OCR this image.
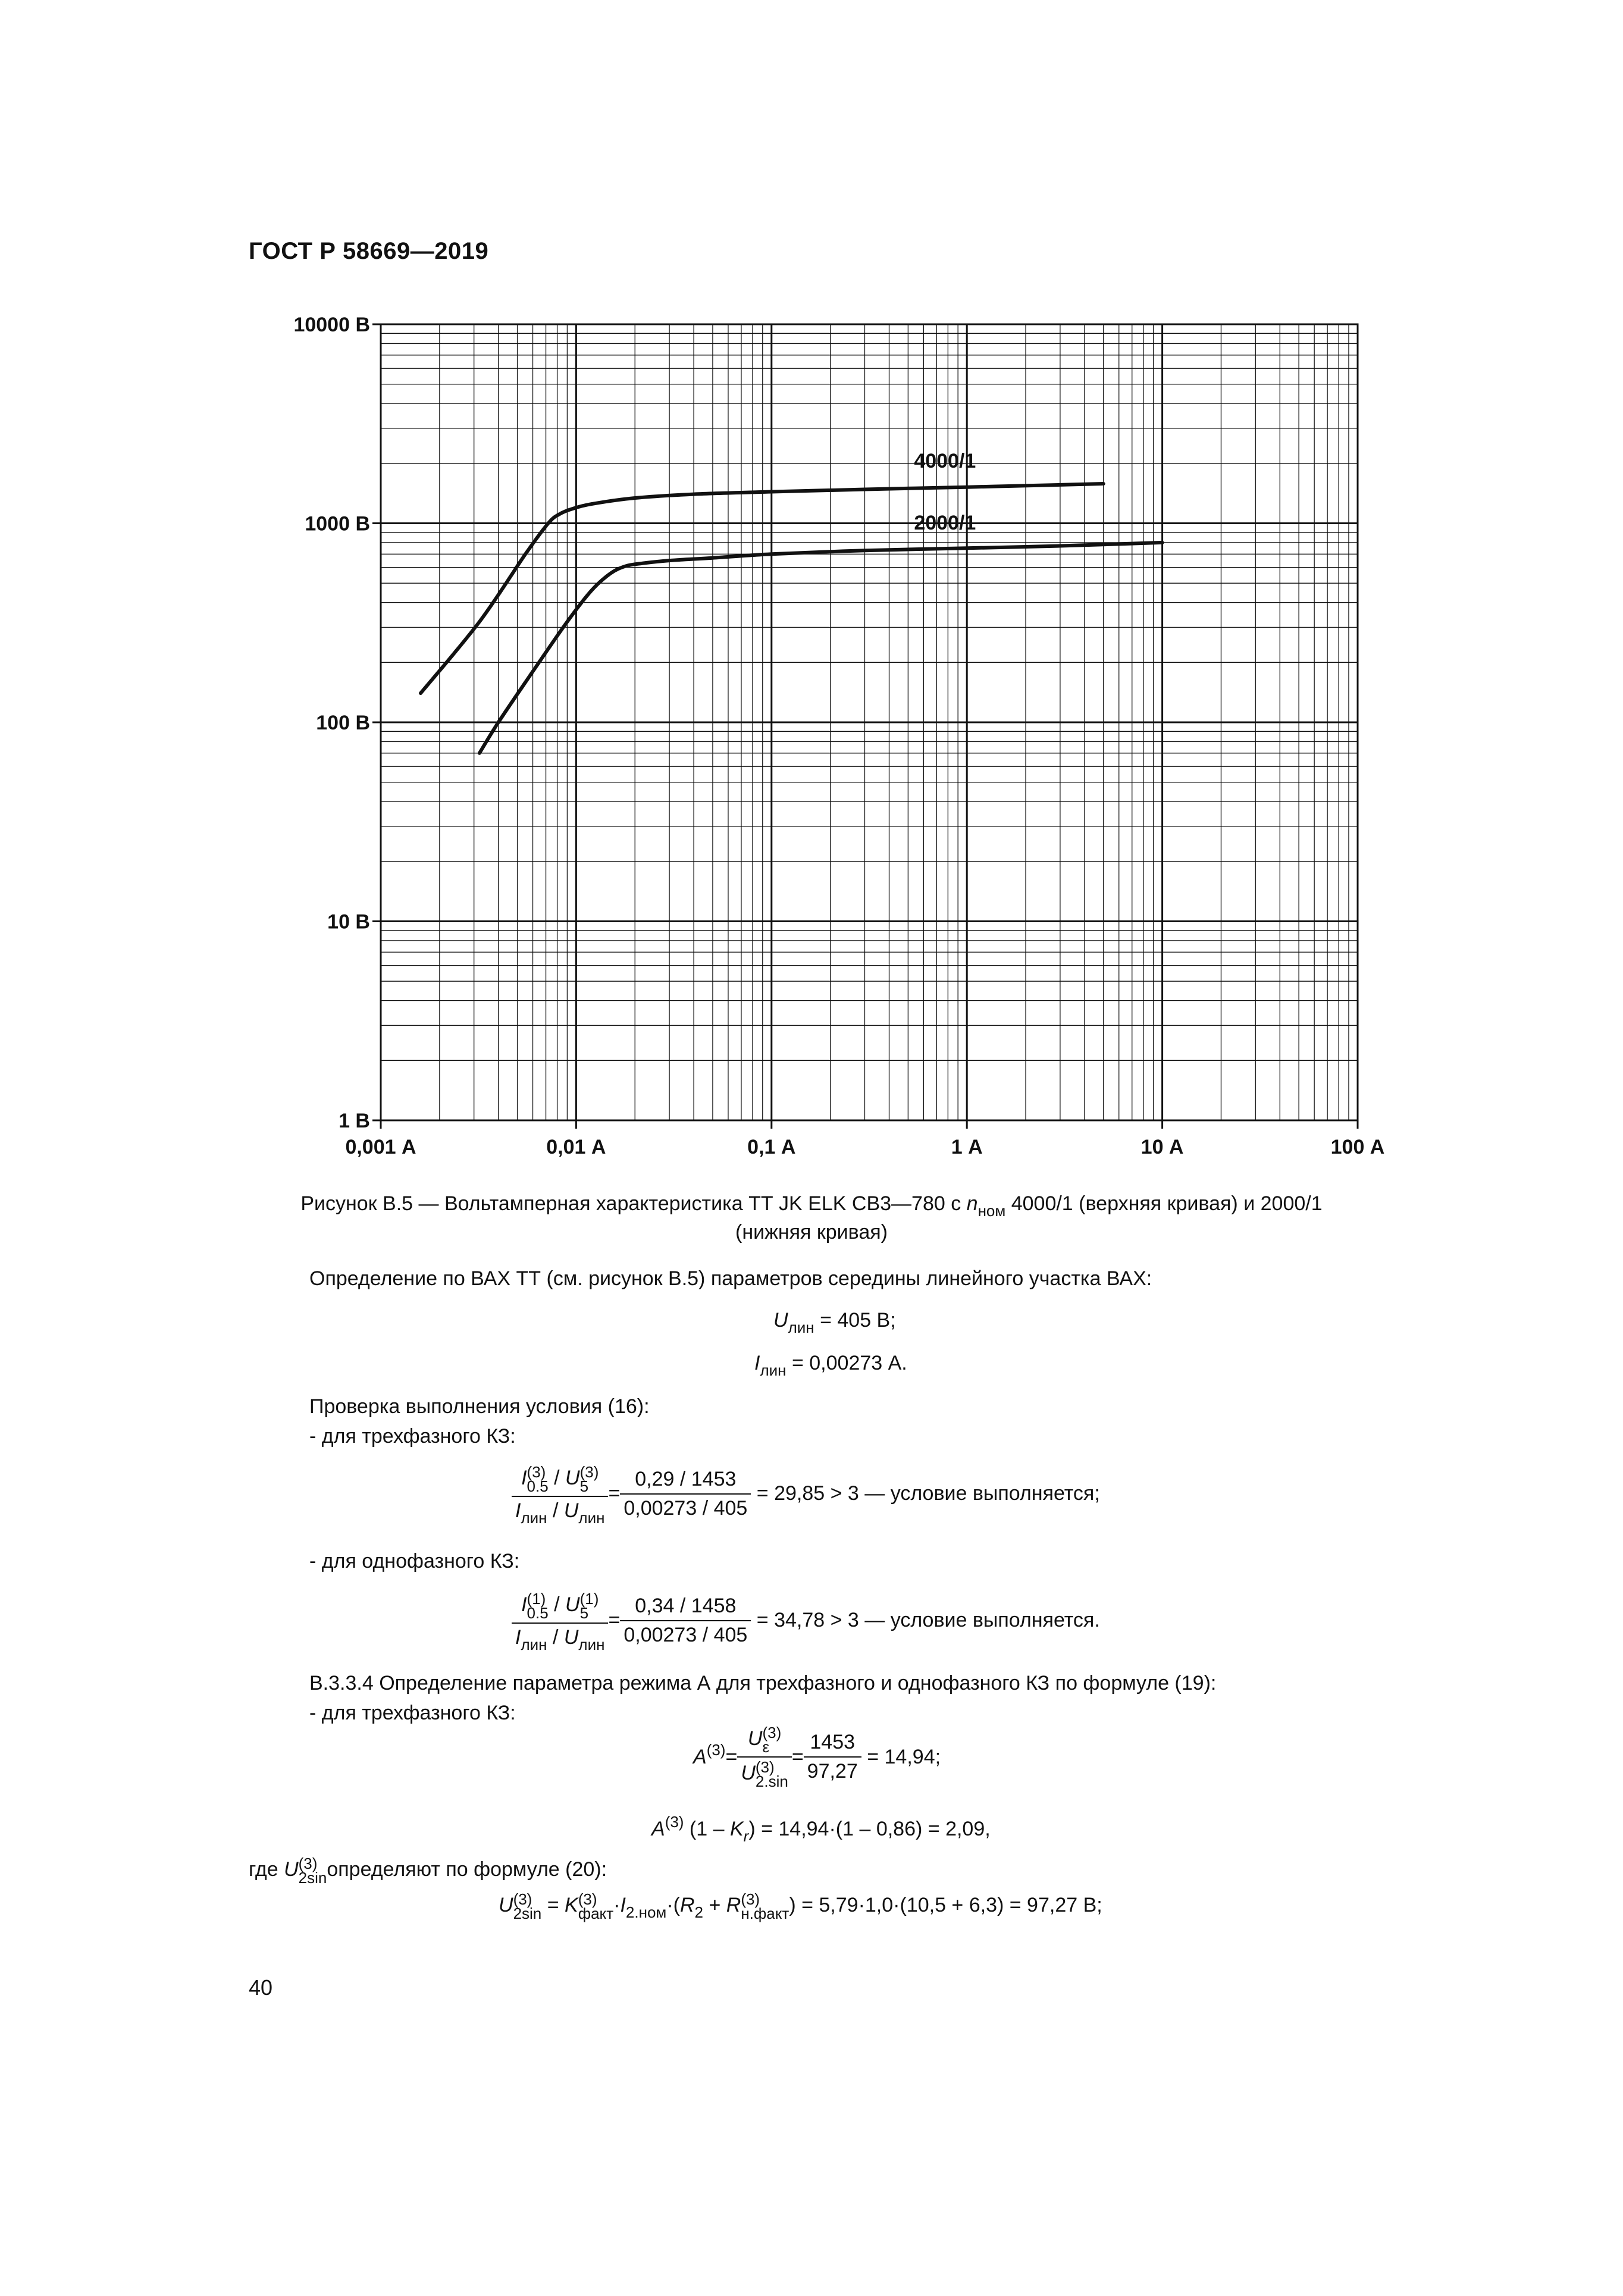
ГОСТ Р 58669—2019
0,001 А	0,01 А	0,1 А	1 А	10 А	100 А
1 В
10 В
100 В
1000 В
10000 В
4000/1
2000/1
Рисунок В.5 — Вольтамперная характеристика ТТ JK ELK CB3—780 с $n_{ном}$ 4000/1 (верхняя кривая) и 2000/1
(нижняя кривая)
Определение по ВАХ ТТ (см. рисунок В.5) параметров середины линейного участка ВАХ:
$U_{лин} = 405$ В;
$I_{лин} = 0,00273$ А.
Проверка выполнения условия (16):
- для трехфазного КЗ:
I (3)
0.5 / U (3)
5
$I_{лин} / U_{лин} = \frac{0,29 / 1453}{0,00273 / 405} = 29,85 > 3$ — условие выполняется;
- для однофазного КЗ:
I (1)
0.5 / U (1)
5
$I_{лин} / U_{лин} = \frac{0,34 / 1458}{0,00273 / 405} = 34,78 > 3$ — условие выполняется.
В.3.3.4 Определение параметра режима А для трехфазного и однофазного КЗ по формуле (19):
- для трехфазного КЗ:
$A^{(3)}= U$ (3)
ε
U (3)
$2.\sin = \frac{1453}{97,27} = 14,94$;
$A^{(3)}$ $(1 - K_r) = 14,94\cdot(1 - 0,86) = 2,09$,
где U (3)
2sin определяют по формуле (20):
U (3)
2sin = K (3)
факт $\cdot I_{2.ном}\cdot(R_2 + R$ (3)
н.факт ) = 5,79·1,0·(10,5 + 6,3) = 97,27 В;
40
